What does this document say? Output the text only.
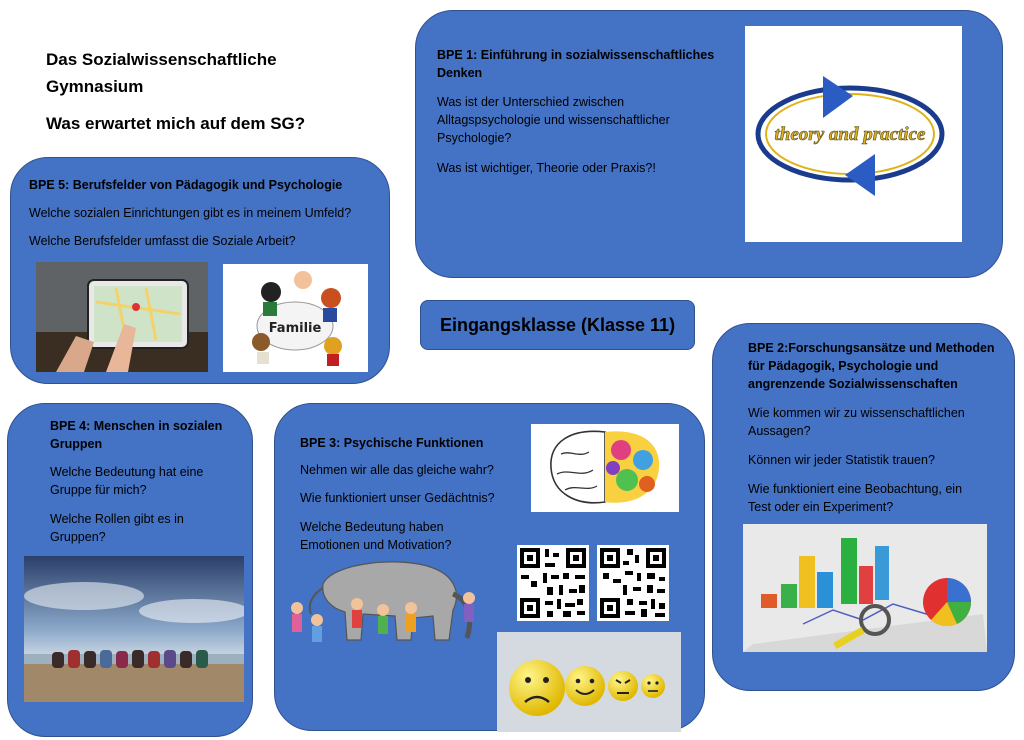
Das Sozialwissenschaftliche
Gymnasium
Was erwartet mich auf dem SG?
BPE 1: Einführung in sozialwissenschaftliches
Denken
Was ist der Unterschied zwischen
Alltagspsychologie und wissenschaftlicher
Psychologie?
Was ist wichtiger, Theorie oder Praxis?!
theory and practice
BPE 5: Berufsfelder von Pädagogik und Psychologie
Welche sozialen Einrichtungen gibt es in meinem Umfeld?
Welche Berufsfelder umfasst die Soziale Arbeit?
Familie	Eingangsklasse (Klasse 11)
BPE 2:Forschungsansätze und Methoden
für Pädagogik, Psychologie und
angrenzende Sozialwissenschaften
Wie kommen wir zu wissenschaftlichen
Aussagen?
Können wir jeder Statistik trauen?
Wie funktioniert eine Beobachtung, ein
Test oder ein Experiment?
BPE 4: Menschen in sozialen
Gruppen
Welche Bedeutung hat eine
Gruppe für mich?
Welche Rollen gibt es in
Gruppen?
BPE 3: Psychische Funktionen
Nehmen wir alle das gleiche wahr?
Wie funktioniert unser Gedächtnis?
Welche Bedeutung haben
Emotionen und Motivation?
